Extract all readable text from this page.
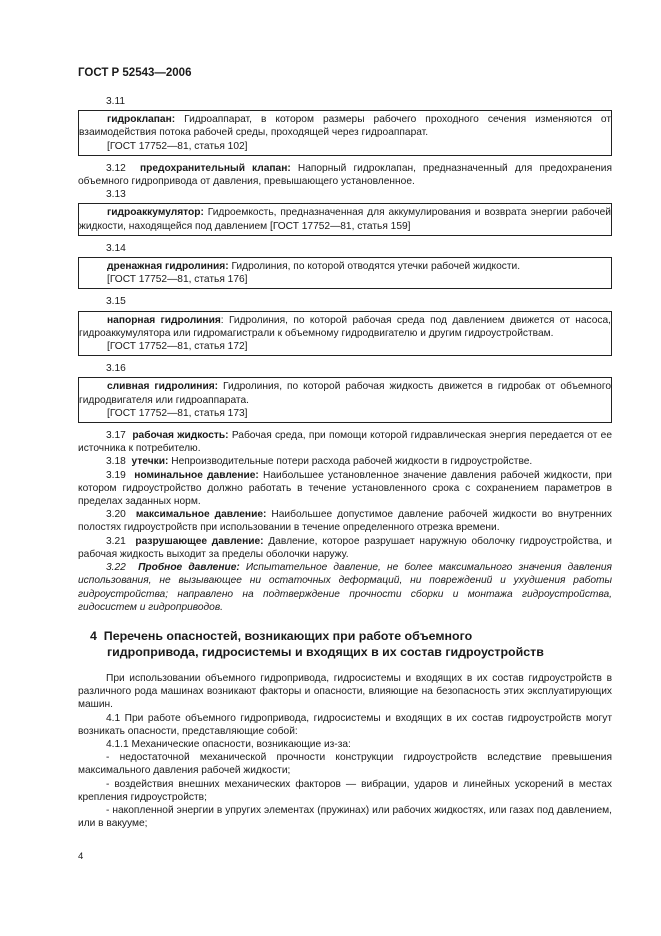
ГОСТ Р 52543—2006
3.11
гидроклапан: Гидроаппарат, в котором размеры рабочего проходного сечения изменяются от взаимодействия потока рабочей среды, проходящей через гидроаппарат.
[ГОСТ 17752—81, статья 102]
3.12 предохранительный клапан: Напорный гидроклапан, предназначенный для предохранения объемного гидропривода от давления, превышающего установленное.
3.13
гидроаккумулятор: Гидроемкость, предназначенная для аккумулирования и возврата энергии рабочей жидкости, находящейся под давлением [ГОСТ 17752—81, статья 159]
3.14
дренажная гидролиния: Гидролиния, по которой отводятся утечки рабочей жидкости.
[ГОСТ 17752—81, статья 176]
3.15
напорная гидролиния: Гидролиния, по которой рабочая среда под давлением движется от насоса, гидроаккумулятора или гидромагистрали к объемному гидродвигателю и другим гидроустройствам.
[ГОСТ 17752—81, статья 172]
3.16
сливная гидролиния: Гидролиния, по которой рабочая жидкость движется в гидробак от объемного гидродвигателя или гидроаппарата.
[ГОСТ 17752—81, статья 173]
3.17 рабочая жидкость: Рабочая среда, при помощи которой гидравлическая энергия передается от ее источника к потребителю.
3.18 утечки: Непроизводительные потери расхода рабочей жидкости в гидроустройстве.
3.19 номинальное давление: Наибольшее установленное значение давления рабочей жидкости, при котором гидроустройство должно работать в течение установленного срока с сохранением параметров в пределах заданных норм.
3.20 максимальное давление: Наибольшее допустимое давление рабочей жидкости во внутренних полостях гидроустройств при использовании в течение определенного отрезка времени.
3.21 разрушающее давление: Давление, которое разрушает наружную оболочку гидроустройства, и рабочая жидкость выходит за пределы оболочки наружу.
3.22 Пробное давление: Испытательное давление, не более максимального значения давления использования, не вызывающее ни остаточных деформаций, ни повреждений и ухудшения работы гидроустройства; направлено на подтверждение прочности сборки и монтажа гидроустройства, гидосистем и гидроприводов.
4 Перечень опасностей, возникающих при работе объемного
гидропривода, гидросистемы и входящих в их состав гидроустройств
При использовании объемного гидропривода, гидросистемы и входящих в их состав гидроустройств в различного рода машинах возникают факторы и опасности, влияющие на безопасность этих эксплуатирующих машин.
4.1 При работе объемного гидропривода, гидросистемы и входящих в их состав гидроустройств могут возникать опасности, представляющие собой:
4.1.1 Механические опасности, возникающие из-за:
- недостаточной механической прочности конструкции гидроустройств вследствие превышения максимального давления рабочей жидкости;
- воздействия внешних механических факторов — вибрации, ударов и линейных ускорений в местах крепления гидроустройств;
- накопленной энергии в упругих элементах (пружинах) или рабочих жидкостях, или газах под давлением, или в вакууме;
4
